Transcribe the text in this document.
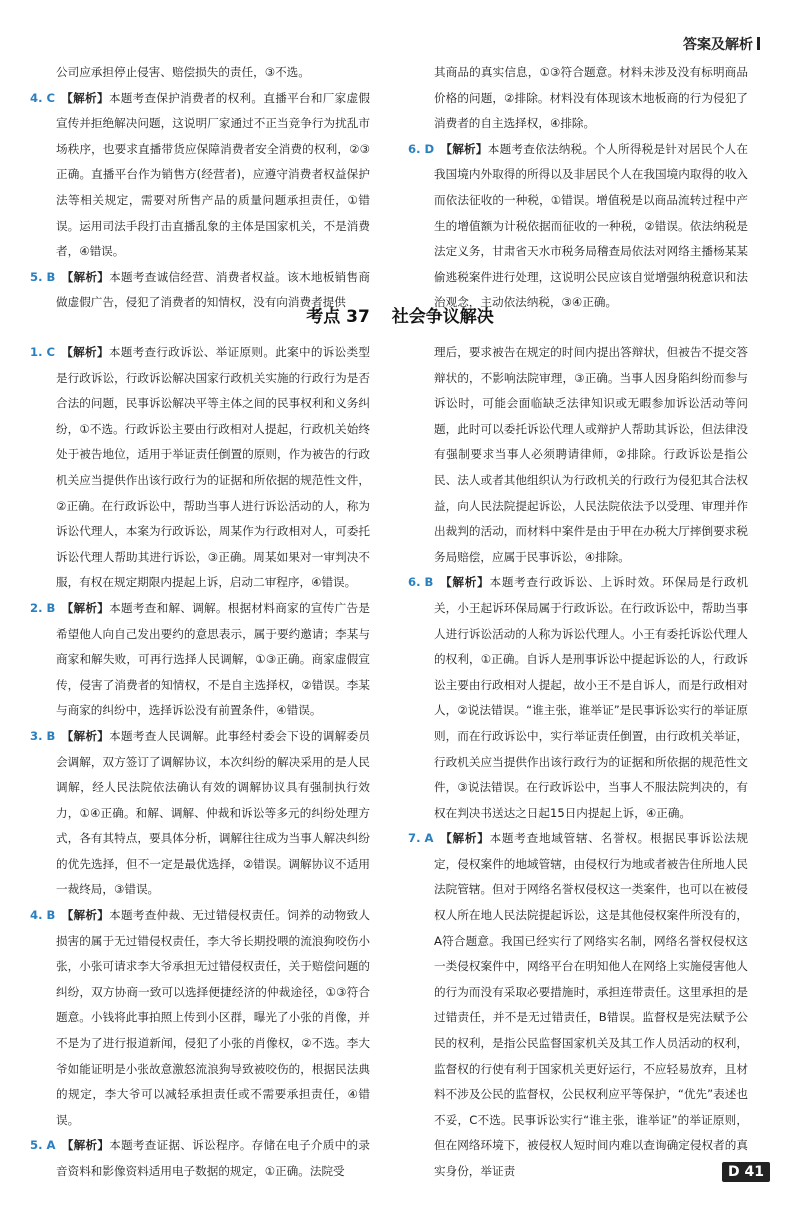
答案及解析

公司应承担停止侵害、赔偿损失的责任，③不选。

4. C 【解析】本题考查保护消费者的权利。直播平台和厂家虚假宣传并拒绝解决问题，这说明厂家通过不正当竞争行为扰乱市场秩序，也要求直播带货应保障消费者安全消费的权利，②③正确。直播平台作为销售方(经营者)，应遵守消费者权益保护法等相关规定，需要对所售产品的质量问题承担责任，①错误。运用司法手段打击直播乱象的主体是国家机关，不是消费者，④错误。

5. B 【解析】本题考查诚信经营、消费者权益。该木地板销售商做虚假广告，侵犯了消费者的知情权，没有向消费者提供

其商品的真实信息，①③符合题意。材料未涉及没有标明商品价格的问题，②排除。材料没有体现该木地板商的行为侵犯了消费者的自主选择权，④排除。

6. D 【解析】本题考查依法纳税。个人所得税是针对居民个人在我国境内外取得的所得以及非居民个人在我国境内取得的收入而依法征收的一种税，①错误。增值税是以商品流转过程中产生的增值额为计税依据而征收的一种税，②错误。依法纳税是法定义务，甘肃省天水市税务局稽查局依法对网络主播杨某某偷逃税案件进行处理，这说明公民应该自觉增强纳税意识和法治观念，主动依法纳税，③④正确。

考点 37 社会争议解决

1. C 【解析】本题考查行政诉讼、举证原则。此案中的诉讼类型是行政诉讼，行政诉讼解决国家行政机关实施的行政行为是否合法的问题，民事诉讼解决平等主体之间的民事权利和义务纠纷，①不选。行政诉讼主要由行政相对人提起，行政机关始终处于被告地位，适用于举证责任倒置的原则，作为被告的行政机关应当提供作出该行政行为的证据和所依据的规范性文件，②正确。在行政诉讼中，帮助当事人进行诉讼活动的人，称为诉讼代理人，本案为行政诉讼，周某作为行政相对人，可委托诉讼代理人帮助其进行诉讼，③正确。周某如果对一审判决不服，有权在规定期限内提起上诉，启动二审程序，④错误。

2. B 【解析】本题考查和解、调解。根据材料商家的宣传广告是希望他人向自己发出要约的意思表示，属于要约邀请；李某与商家和解失败，可再行选择人民调解，①③正确。商家虚假宣传，侵害了消费者的知情权，不是自主选择权，②错误。李某与商家的纠纷中，选择诉讼没有前置条件，④错误。

3. B 【解析】本题考查人民调解。此事经村委会下设的调解委员会调解，双方签订了调解协议，本次纠纷的解决采用的是人民调解，经人民法院依法确认有效的调解协议具有强制执行效力，①④正确。和解、调解、仲裁和诉讼等多元的纠纷处理方式，各有其特点，要具体分析，调解往往成为当事人解决纠纷的优先选择，但不一定是最优选择，②错误。调解协议不适用一裁终局，③错误。

4. B 【解析】本题考查仲裁、无过错侵权责任。饲养的动物致人损害的属于无过错侵权责任，李大爷长期投喂的流浪狗咬伤小张，小张可请求李大爷承担无过错侵权责任，关于赔偿问题的纠纷，双方协商一致可以选择便捷经济的仲裁途径，①③符合题意。小钱将此事拍照上传到小区群，曝光了小张的肖像，并不是为了进行报道新闻，侵犯了小张的肖像权，②不选。李大爷如能证明是小张故意激怒流浪狗导致被咬伤的，根据民法典的规定，李大爷可以减轻承担责任或不需要承担责任，④错误。

5. A 【解析】本题考查证据、诉讼程序。存储在电子介质中的录音资料和影像资料适用电子数据的规定，①正确。法院受

理后，要求被告在规定的时间内提出答辩状，但被告不提交答辩状的，不影响法院审理，③正确。当事人因身陷纠纷而参与诉讼时，可能会面临缺乏法律知识或无暇参加诉讼活动等问题，此时可以委托诉讼代理人或辩护人帮助其诉讼，但法律没有强制要求当事人必须聘请律师，②排除。行政诉讼是指公民、法人或者其他组织认为行政机关的行政行为侵犯其合法权益，向人民法院提起诉讼，人民法院依法予以受理、审理并作出裁判的活动，而材料中案件是由于甲在办税大厅摔倒要求税务局赔偿，应属于民事诉讼，④排除。

6. B 【解析】本题考查行政诉讼、上诉时效。环保局是行政机关，小王起诉环保局属于行政诉讼。在行政诉讼中，帮助当事人进行诉讼活动的人称为诉讼代理人。小王有委托诉讼代理人的权利，①正确。自诉人是刑事诉讼中提起诉讼的人，行政诉讼主要由行政相对人提起，故小王不是自诉人，而是行政相对人，②说法错误。“谁主张，谁举证”是民事诉讼实行的举证原则，而在行政诉讼中，实行举证责任倒置，由行政机关举证，行政机关应当提供作出该行政行为的证据和所依据的规范性文件，③说法错误。在行政诉讼中，当事人不服法院判决的，有权在判决书送达之日起15日内提起上诉，④正确。

7. A 【解析】本题考查地域管辖、名誉权。根据民事诉讼法规定，侵权案件的地域管辖，由侵权行为地或者被告住所地人民法院管辖。但对于网络名誉权侵权这一类案件，也可以在被侵权人所在地人民法院提起诉讼，这是其他侵权案件所没有的，A符合题意。我国已经实行了网络实名制，网络名誉权侵权这一类侵权案件中，网络平台在明知他人在网络上实施侵害他人的行为而没有采取必要措施时，承担连带责任。这里承担的是过错责任，并不是无过错责任，B错误。监督权是宪法赋予公民的权利，是指公民监督国家机关及其工作人员活动的权利，监督权的行使有利于国家机关更好运行，不应轻易放弃，且材料不涉及公民的监督权，公民权利应平等保护，“优先”表述也不妥，C不选。民事诉讼实行“谁主张，谁举证”的举证原则，但在网络环境下，被侵权人短时间内难以查询确定侵权者的真实身份，举证责	D 41
